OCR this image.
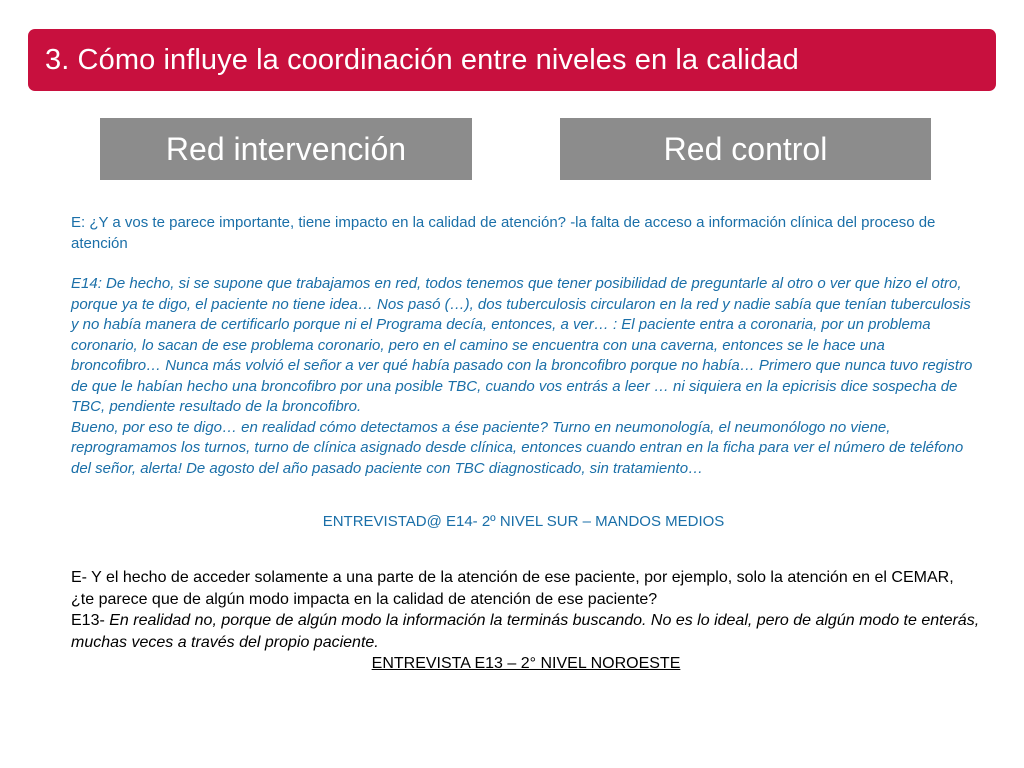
3. Cómo influye la coordinación entre niveles en la calidad
Red intervención	Red control

E: ¿Y a vos te parece importante, tiene impacto en la calidad de atención? -la falta de acceso a información clínica del proceso de atención

E14: De hecho, si se supone que trabajamos en red, todos tenemos que tener posibilidad de preguntarle al otro o ver que hizo el otro, porque ya te digo, el paciente no tiene idea… Nos pasó (…), dos tuberculosis circularon en la red y nadie sabía que tenían tuberculosis y no había manera de certificarlo porque ni el Programa decía, entonces, a ver… : El paciente entra a coronaria, por un problema coronario, lo sacan de ese problema coronario, pero en el camino se encuentra con una caverna, entonces se le hace una broncofibro… Nunca más volvió el señor a ver qué había pasado con la broncofibro porque no había… Primero que nunca tuvo registro de que le habían hecho una broncofibro por una posible TBC, cuando vos entrás a leer … ni siquiera en la epicrisis dice sospecha de TBC, pendiente resultado de la broncofibro.

Bueno, por eso te digo… en realidad cómo detectamos a ése paciente? Turno en neumonología, el neumonólogo no viene, reprogramamos los turnos, turno de clínica asignado desde clínica, entonces cuando entran en la ficha para ver el número de teléfono del señor, alerta! De agosto del año pasado paciente con TBC diagnosticado, sin tratamiento…

ENTREVISTAD@ E14- 2º NIVEL SUR – MANDOS MEDIOS

E- Y el hecho de acceder solamente a una parte de la atención de ese paciente, por ejemplo, solo la atención en el CEMAR, ¿te parece que de algún modo impacta en la calidad de atención de ese paciente?

E13- En realidad no, porque de algún modo la información la terminás buscando. No es lo ideal, pero de algún modo te enterás, muchas veces a través del propio paciente.

ENTREVISTA E13 – 2° NIVEL NOROESTE
